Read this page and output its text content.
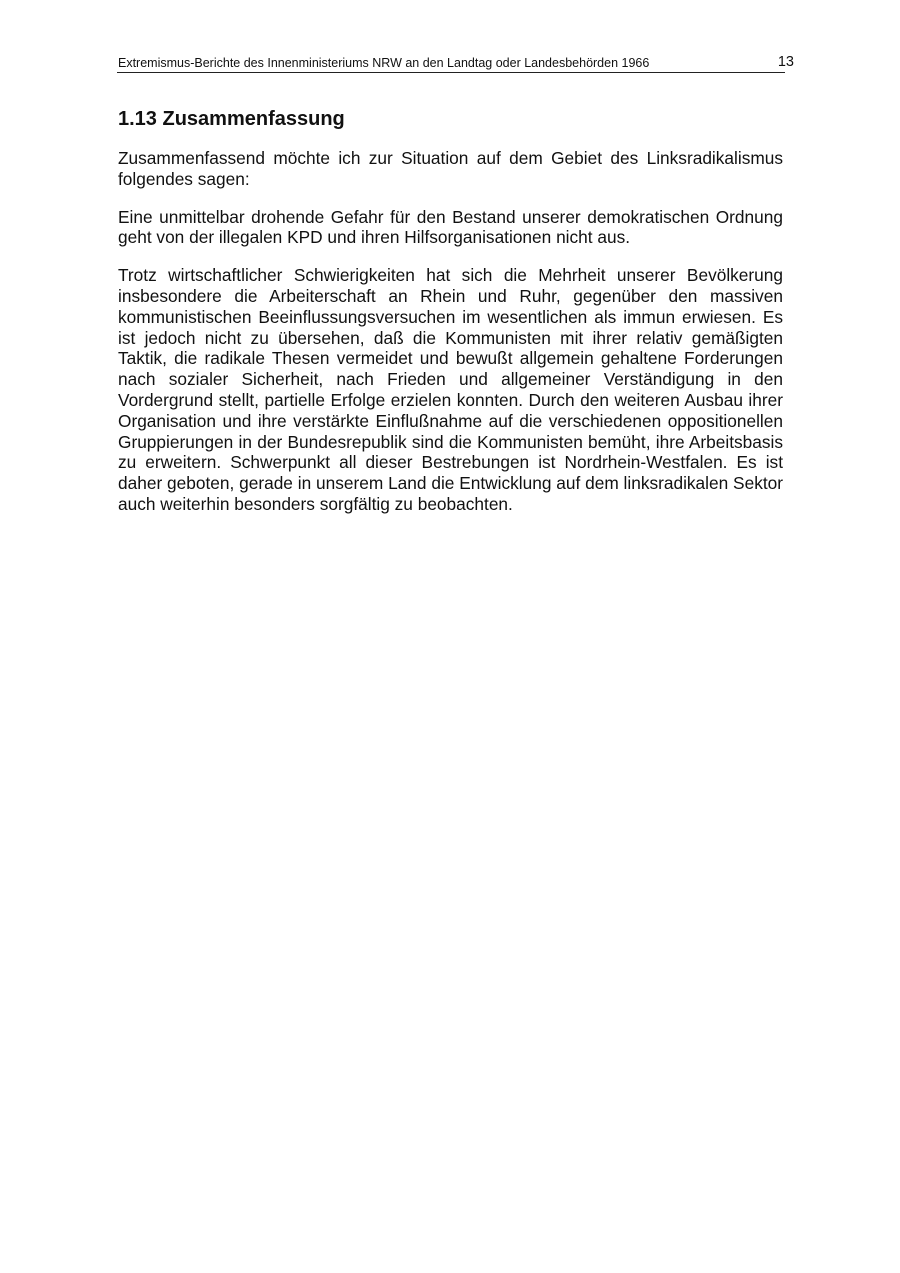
Extremismus-Berichte des Innenministeriums NRW an den Landtag oder Landesbehörden 1966	13
1.13 Zusammenfassung

Zusammenfassend möchte ich zur Situation auf dem Gebiet des Linksradikalismus folgendes sagen:

Eine unmittelbar drohende Gefahr für den Bestand unserer demokratischen Ordnung geht von der illegalen KPD und ihren Hilfsorganisationen nicht aus.

Trotz wirtschaftlicher Schwierigkeiten hat sich die Mehrheit unserer Bevölkerung insbesondere die Arbeiterschaft an Rhein und Ruhr, gegenüber den massiven kommunistischen Beeinflussungsversuchen im wesentlichen als immun erwiesen. Es ist jedoch nicht zu übersehen, daß die Kommunisten mit ihrer relativ gemäßigten Taktik, die radikale Thesen vermeidet und bewußt allgemein gehaltene Forderungen nach sozialer Sicherheit, nach Frieden und allgemeiner Verständigung in den Vordergrund stellt, partielle Erfolge erzielen konnten. Durch den weiteren Ausbau ihrer Organisation und ihre verstärkte Einflußnahme auf die verschiedenen oppositionellen Gruppierungen in der Bundesrepublik sind die Kommunisten bemüht, ihre Arbeitsbasis zu erweitern. Schwerpunkt all dieser Bestrebungen ist Nordrhein-Westfalen. Es ist daher geboten, gerade in unserem Land die Entwicklung auf dem linksradikalen Sektor auch weiterhin besonders sorgfältig zu beobachten.
